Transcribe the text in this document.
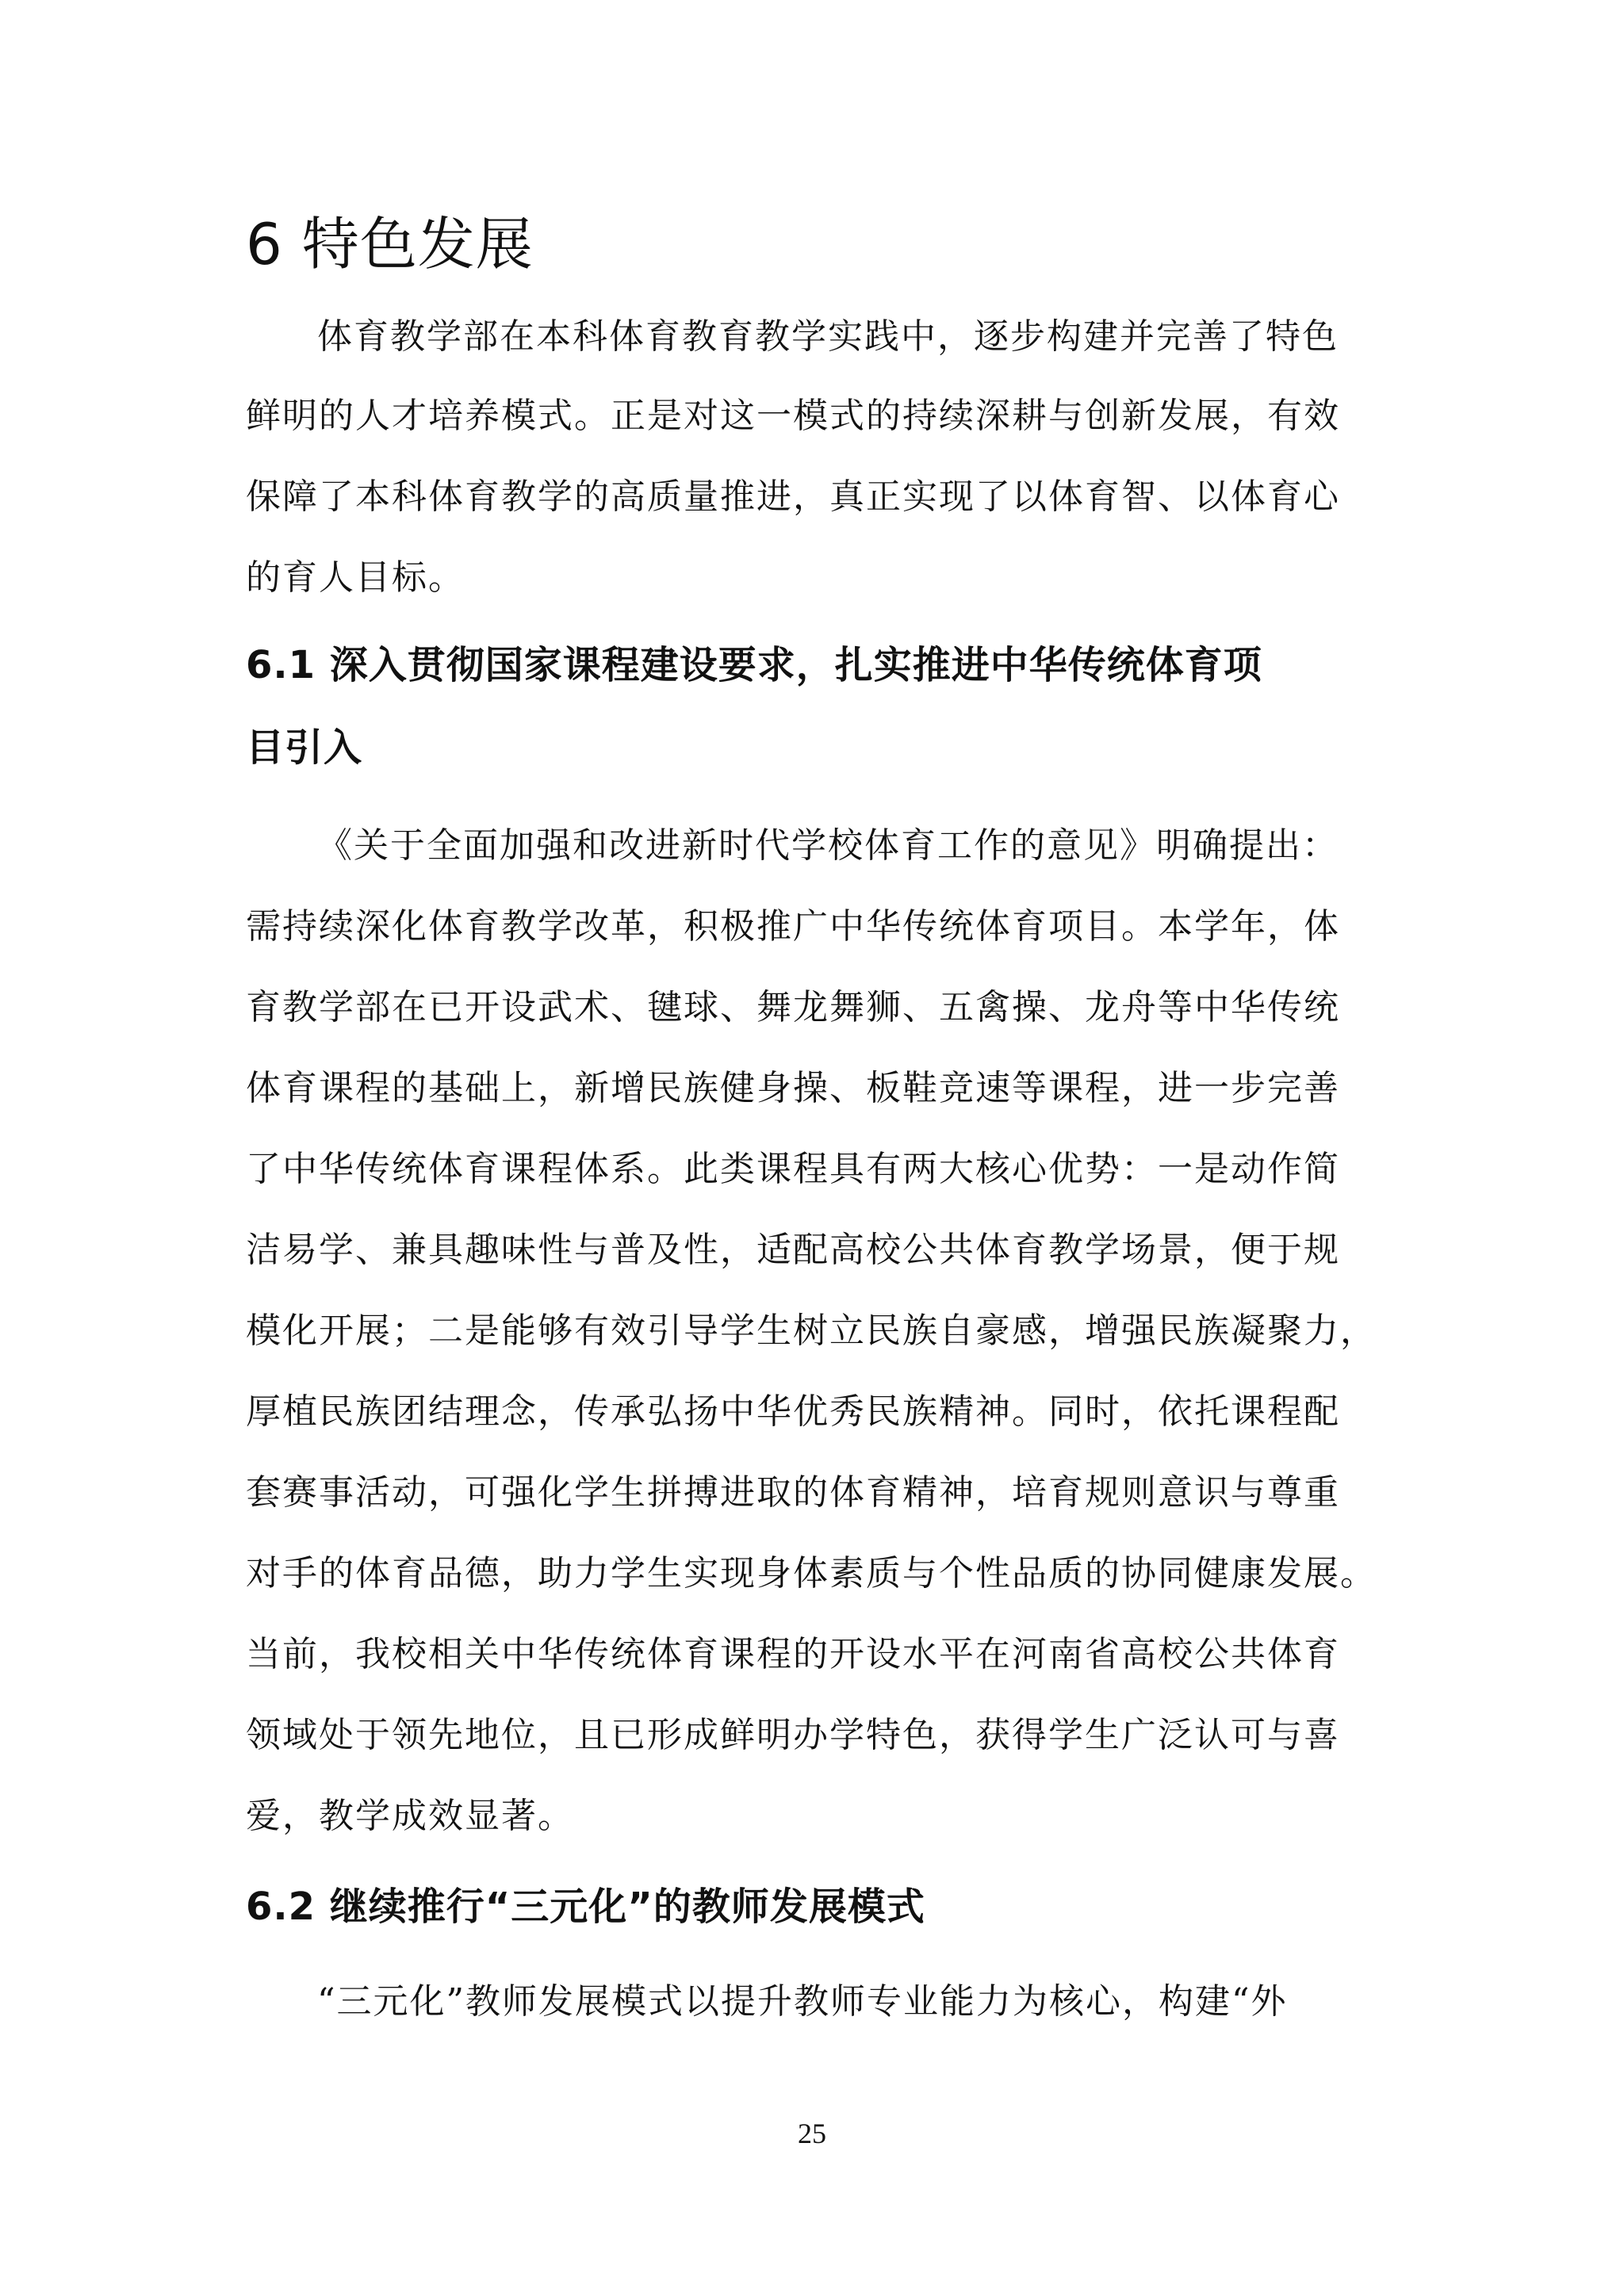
6 特色发展

体育教学部在本科体育教育教学实践中，逐步构建并完善了特色

鲜明的人才培养模式。正是对这一模式的持续深耕与创新发展，有效

保障了本科体育教学的高质量推进，真正实现了以体育智、以体育心

的育人目标。

6.1 深入贯彻国家课程建设要求，扎实推进中华传统体育项
目引入

《关于全面加强和改进新时代学校体育工作的意见》明确提出：

需持续深化体育教学改革，积极推广中华传统体育项目。本学年，体

育教学部在已开设武术、毽球、舞龙舞狮、五禽操、龙舟等中华传统

体育课程的基础上，新增民族健身操、板鞋竞速等课程，进一步完善

了中华传统体育课程体系。此类课程具有两大核心优势：一是动作简

洁易学、兼具趣味性与普及性，适配高校公共体育教学场景，便于规

模化开展；二是能够有效引导学生树立民族自豪感，增强民族凝聚力，

厚植民族团结理念，传承弘扬中华优秀民族精神。同时，依托课程配

套赛事活动，可强化学生拼搏进取的体育精神，培育规则意识与尊重

对手的体育品德，助力学生实现身体素质与个性品质的协同健康发展。

当前，我校相关中华传统体育课程的开设水平在河南省高校公共体育

领域处于领先地位，且已形成鲜明办学特色，获得学生广泛认可与喜

爱，教学成效显著。

6.2 继续推行“三元化”的教师发展模式

“三元化”教师发展模式以提升教师专业能力为核心，构建“外

25
